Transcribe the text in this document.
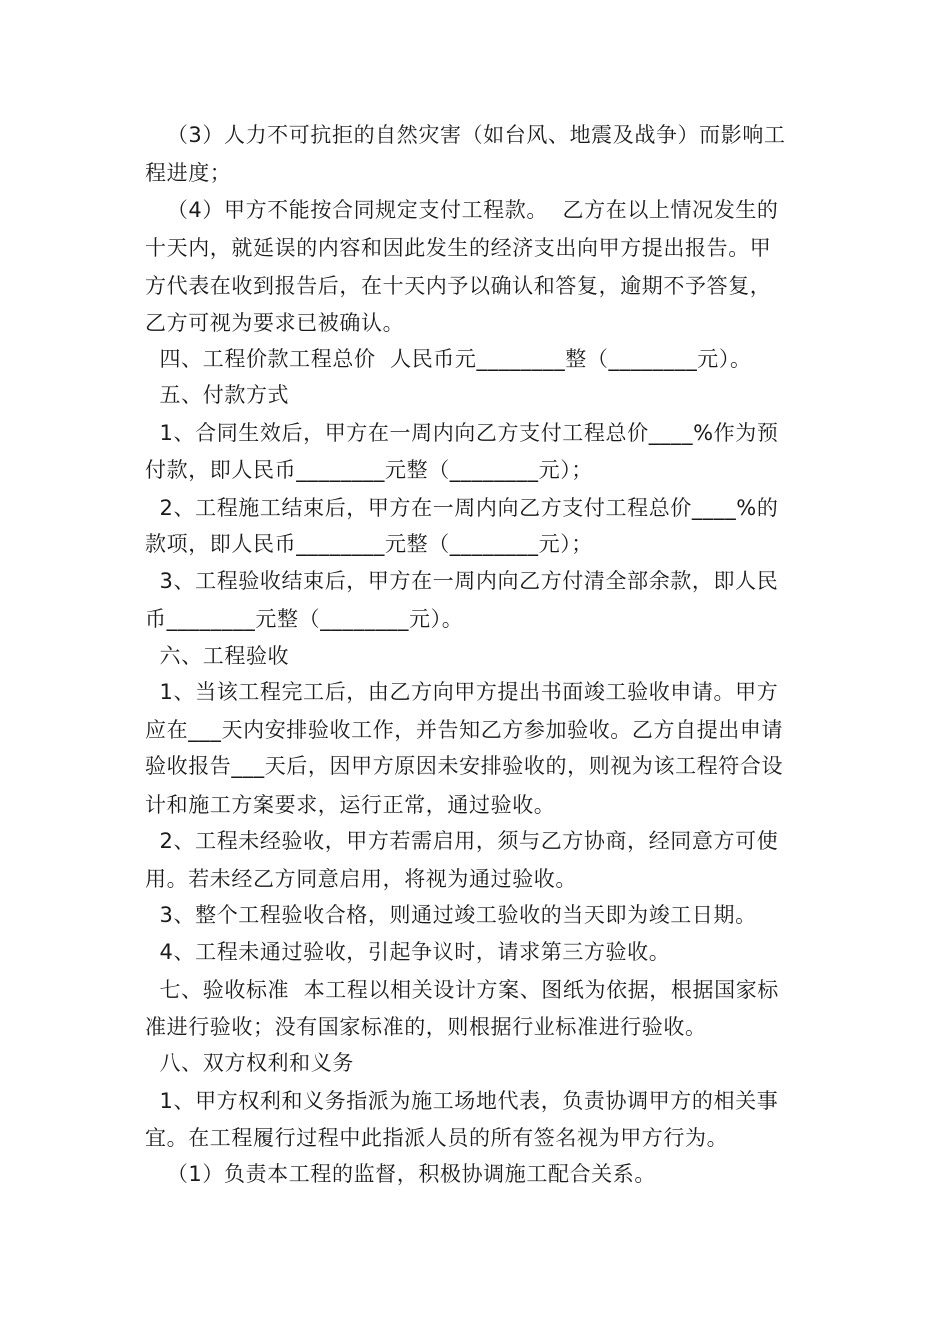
（3）人力不可抗拒的自然灾害（如台风、地震及战争）而影响工
程进度；
（4）甲方不能按合同规定支付工程款。  乙方在以上情况发生的
十天内，就延误的内容和因此发生的经济支出向甲方提出报告。甲
方代表在收到报告后，在十天内予以确认和答复，逾期不予答复，
乙方可视为要求已被确认。
四、工程价款工程总价  人民币元________整（________元）。
五、付款方式
1、合同生效后，甲方在一周内向乙方支付工程总价____%作为预
付款，即人民币________元整（________元）；
2、工程施工结束后，甲方在一周内向乙方支付工程总价____%的
款项，即人民币________元整（________元）；
3、工程验收结束后，甲方在一周内向乙方付清全部余款，即人民
币________元整（________元）。
六、工程验收
1、当该工程完工后，由乙方向甲方提出书面竣工验收申请。甲方
应在___天内安排验收工作，并告知乙方参加验收。乙方自提出申请
验收报告___天后，因甲方原因未安排验收的，则视为该工程符合设
计和施工方案要求，运行正常，通过验收。
2、工程未经验收，甲方若需启用，须与乙方协商，经同意方可使
用。若未经乙方同意启用，将视为通过验收。
3、整个工程验收合格，则通过竣工验收的当天即为竣工日期。
4、工程未通过验收，引起争议时，请求第三方验收。
七、验收标准  本工程以相关设计方案、图纸为依据，根据国家标
准进行验收；没有国家标准的，则根据行业标准进行验收。
八、双方权利和义务
1、甲方权利和义务指派为施工场地代表，负责协调甲方的相关事
宜。在工程履行过程中此指派人员的所有签名视为甲方行为。
（1）负责本工程的监督，积极协调施工配合关系。
